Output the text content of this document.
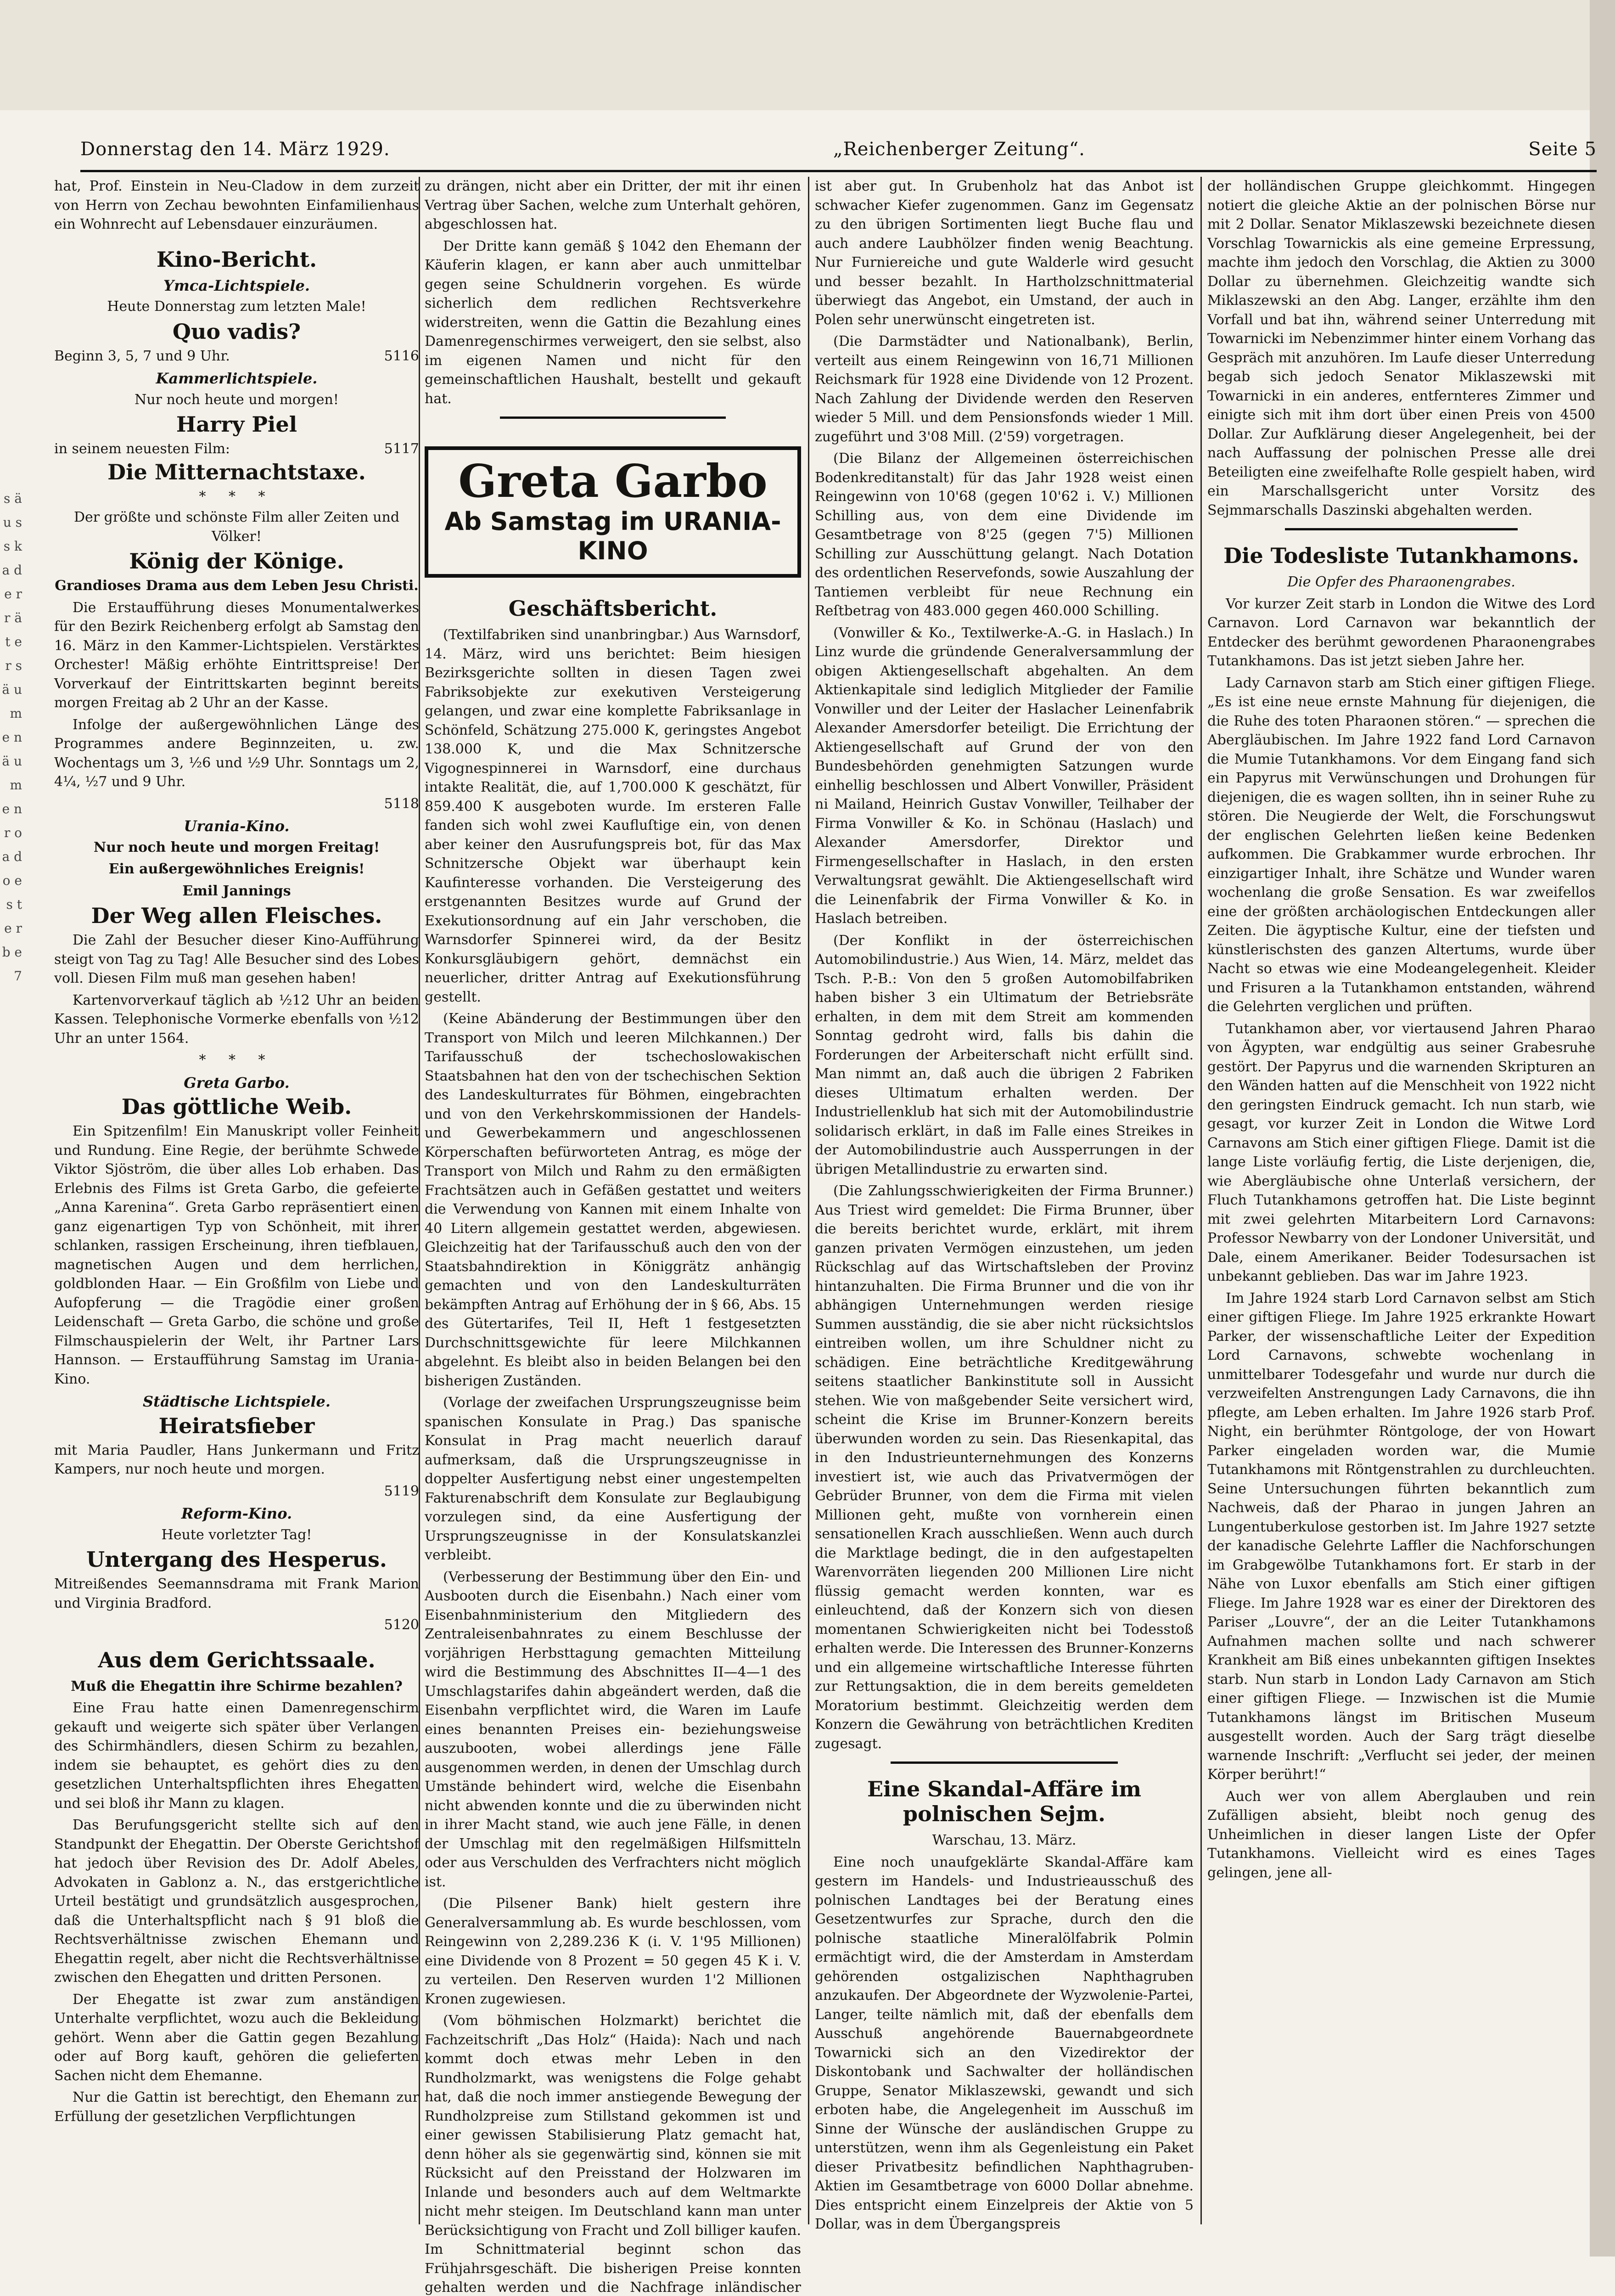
Donnerstag den 14. März 1929.	„Reichenberger Zeitung“.	Seite 5
s ä u s s k a d e r r ä t e r s ä u m e n ä u m e n r o a d o e s t e r b e 7

hat, Prof. Einstein in Neu-Cladow in dem zurzeit von Herrn von Zechau bewohnten Einfamilienhaus ein Wohnrecht auf Lebensdauer einzuräumen.

Kino-Bericht.
Ymca-Lichtspiele.

Heute Donnerstag zum letzten Male!

Quo vadis?
Beginn 3, 5, 7 und 9 Uhr.	5116
Kammerlichtspiele.

Nur noch heute und morgen!

Harry Piel
in seinem neuesten Film:	5117
Die Mitternachtstaxe.
* * *

Der größte und schönste Film aller Zeiten und Völker!

König der Könige.

Grandioses Drama aus dem Leben Jesu Christi.

Die Erstaufführung dieses Monumentalwerkes für den Bezirk Reichenberg erfolgt ab Samstag den 16. März in den Kammer-Lichtspielen. Verstärktes Orchester! Mäßig erhöhte Eintrittspreise! Der Vorverkauf der Eintrittskarten beginnt bereits morgen Freitag ab 2 Uhr an der Kasse.

Infolge der außergewöhnlichen Länge des Programmes andere Beginnzeiten, u. zw. Wochentags um 3, ½6 und ½9 Uhr. Sonntags um 2, 4¼, ½7 und 9 Uhr.

5118
Urania-Kino.

Nur noch heute und morgen Freitag!

Ein außergewöhnliches Ereignis!

Emil Jannings

Der Weg allen Fleisches.

Die Zahl der Besucher dieser Kino-Aufführung steigt von Tag zu Tag! Alle Besucher sind des Lobes voll. Diesen Film muß man gesehen haben!

Kartenvorverkauf täglich ab ½12 Uhr an beiden Kassen. Telephonische Vormerke ebenfalls von ½12 Uhr an unter 1564.

* * *
Greta Garbo.
Das göttliche Weib.

Ein Spitzenfilm! Ein Manuskript voller Feinheit und Rundung. Eine Regie, der berühmte Schwede Viktor Sjöström, die über alles Lob erhaben. Das Erlebnis des Films ist Greta Garbo, die gefeierte „Anna Karenina“. Greta Garbo repräsentiert einen ganz eigenartigen Typ von Schönheit, mit ihrer schlanken, rassigen Erscheinung, ihren tiefblauen, magnetischen Augen und dem herrlichen, goldblonden Haar. — Ein Großfilm von Liebe und Aufopferung — die Tragödie einer großen Leidenschaft — Greta Garbo, die schöne und große Filmschauspielerin der Welt, ihr Partner Lars Hannson. — Erstaufführung Samstag im Urania-Kino.

Städtische Lichtspiele.
Heiratsfieber

mit Maria Paudler, Hans Junkermann und Fritz Kampers, nur noch heute und morgen.

5119
Reform-Kino.

Heute vorletzter Tag!

Untergang des Hesperus.

Mitreißendes Seemannsdrama mit Frank Marion und Virginia Bradford.

5120
Aus dem Gerichtssaale.

Muß die Ehegattin ihre Schirme bezahlen?

Eine Frau hatte einen Damenregenschirm gekauft und weigerte sich später über Verlangen des Schirmhändlers, diesen Schirm zu bezahlen, indem sie behauptet, es gehört dies zu den gesetzlichen Unterhaltspflichten ihres Ehegatten und sei bloß ihr Mann zu klagen.

Das Berufungsgericht stellte sich auf den Standpunkt der Ehegattin. Der Oberste Gerichtshof hat jedoch über Revision des Dr. Adolf Abeles, Advokaten in Gablonz a. N., das erstgerichtliche Urteil bestätigt und grundsätzlich ausgesprochen, daß die Unterhaltspflicht nach § 91 bloß die Rechtsverhältnisse zwischen Ehemann und Ehegattin regelt, aber nicht die Rechtsverhältnisse zwischen den Ehegatten und dritten Personen.

Der Ehegatte ist zwar zum anständigen Unterhalte verpflichtet, wozu auch die Bekleidung gehört. Wenn aber die Gattin gegen Bezahlung oder auf Borg kauft, gehören die gelieferten Sachen nicht dem Ehemanne.

Nur die Gattin ist berechtigt, den Ehemann zur Erfüllung der gesetzlichen Verpflichtungen

zu drängen, nicht aber ein Dritter, der mit ihr einen Vertrag über Sachen, welche zum Unterhalt gehören, abgeschlossen hat.

Der Dritte kann gemäß § 1042 den Ehemann der Käuferin klagen, er kann aber auch unmittelbar gegen seine Schuldnerin vorgehen. Es würde sicherlich dem redlichen Rechtsverkehre widerstreiten, wenn die Gattin die Bezahlung eines Damenregenschirmes verweigert, den sie selbst, also im eigenen Namen und nicht für den gemeinschaftlichen Haushalt, bestellt und gekauft hat.

Greta Garbo
Ab Samstag im URANIA-KINO
Geschäftsbericht.

(Textilfabriken sind unanbringbar.) Aus Warnsdorf, 14. März, wird uns berichtet: Beim hiesigen Bezirksgerichte sollten in diesen Tagen zwei Fabriksobjekte zur exekutiven Versteigerung gelangen, und zwar eine komplette Fabriksanlage in Schönfeld, Schätzung 275.000 K, geringstes Angebot 138.000 K, und die Max Schnitzersche Vigognespinnerei in Warnsdorf, eine durchaus intakte Realität, die, auf 1,700.000 K geschätzt, für 859.400 K ausgeboten wurde. Im ersteren Falle fanden sich wohl zwei Kaufluſtige ein, von denen aber keiner den Ausrufungspreis bot, für das Max Schnitzersche Objekt war überhaupt kein Kaufinteresse vorhanden. Die Versteigerung des erstgenannten Besitzes wurde auf Grund der Exekutionsordnung auf ein Jahr verschoben, die Warnsdorfer Spinnerei wird, da der Besitz Konkursgläubigern gehört, demnächst ein neuerlicher, dritter Antrag auf Exekutionsführung gestellt.

(Keine Abänderung der Bestimmungen über den Transport von Milch und leeren Milchkannen.) Der Tarifausschuß der tschechoslowakischen Staatsbahnen hat den von der tschechischen Sektion des Landeskulturrates für Böhmen, eingebrachten und von den Verkehrskommissionen der Handels- und Gewerbekammern und angeschlossenen Körperschaften befürworteten Antrag, es möge der Transport von Milch und Rahm zu den ermäßigten Frachtsätzen auch in Gefäßen gestattet und weiters die Verwendung von Kannen mit einem Inhalte von 40 Litern allgemein gestattet werden, abgewiesen. Gleichzeitig hat der Tarifausschuß auch den von der Staatsbahndirektion in Königgrätz anhängig gemachten und von den Landeskulturräten bekämpften Antrag auf Erhöhung der in § 66, Abs. 15 des Gütertarifes, Teil II, Heft 1 festgesetzten Durchschnittsgewichte für leere Milchkannen abgelehnt. Es bleibt also in beiden Belangen bei den bisherigen Zuständen.

(Vorlage der zweifachen Ursprungszeugnisse beim spanischen Konsulate in Prag.) Das spanische Konsulat in Prag macht neuerlich darauf aufmerksam, daß die Ursprungszeugnisse in doppelter Ausfertigung nebst einer ungestempelten Fakturenabschrift dem Konsulate zur Beglaubigung vorzulegen sind, da eine Ausfertigung der Ursprungszeugnisse in der Konsulatskanzlei verbleibt.

(Verbesserung der Bestimmung über den Ein- und Ausbooten durch die Eisenbahn.) Nach einer vom Eisenbahnministerium den Mitgliedern des Zentraleisenbahnrates zu einem Beschlusse der vorjährigen Herbsttagung gemachten Mitteilung wird die Bestimmung des Abschnittes II—4—1 des Umschlagstarifes dahin abgeändert werden, daß die Eisenbahn verpflichtet wird, die Waren im Laufe eines benannten Preises ein- beziehungsweise auszubooten, wobei allerdings jene Fälle ausgenommen werden, in denen der Umschlag durch Umstände behindert wird, welche die Eisenbahn nicht abwenden konnte und die zu überwinden nicht in ihrer Macht stand, wie auch jene Fälle, in denen der Umschlag mit den regelmäßigen Hilfsmitteln oder aus Verschulden des Verfrachters nicht möglich ist.

(Die Pilsener Bank) hielt gestern ihre Generalversammlung ab. Es wurde beschlossen, vom Reingewinn von 2,289.236 K (i. V. 1'95 Millionen) eine Dividende von 8 Prozent = 50 gegen 45 K i. V. zu verteilen. Den Reserven wurden 1'2 Millionen Kronen zugewiesen.

(Vom böhmischen Holzmarkt) berichtet die Fachzeitschrift „Das Holz“ (Haida): Nach und nach kommt doch etwas mehr Leben in den Rundholzmarkt, was wenigstens die Folge gehabt hat, daß die noch immer anstiegende Bewegung der Rundholzpreise zum Stillstand gekommen ist und einer gewissen Stabilisierung Platz gemacht hat, denn höher als sie gegenwärtig sind, können sie mit Rücksicht auf den Preisstand der Holzwaren im Inlande und besonders auch auf dem Weltmarkte nicht mehr steigen. Im Deutschland kann man unter Berücksichtigung von Fracht und Zoll billiger kaufen. Im Schnittmaterial beginnt schon das Frühjahrsgeschäft. Die bisherigen Preise konnten gehalten werden und die Nachfrage inländischer

ist aber gut. In Grubenholz hat das Anbot ist schwacher Kiefer zugenommen. Ganz im Gegensatz zu den übrigen Sortimenten liegt Buche flau und auch andere Laubhölzer finden wenig Beachtung. Nur Furniereiche und gute Walderle wird gesucht und besser bezahlt. In Hartholzschnittmaterial überwiegt das Angebot, ein Umstand, der auch in Polen sehr unerwünscht eingetreten ist.

(Die Darmstädter und Nationalbank), Berlin, verteilt aus einem Reingewinn von 16,71 Millionen Reichsmark für 1928 eine Dividende von 12 Prozent. Nach Zahlung der Dividende werden den Reserven wieder 5 Mill. und dem Pensionsfonds wieder 1 Mill. zugeführt und 3'08 Mill. (2'59) vorgetragen.

(Die Bilanz der Allgemeinen österreichischen Bodenkreditanstalt) für das Jahr 1928 weist einen Reingewinn von 10'68 (gegen 10'62 i. V.) Millionen Schilling aus, von dem eine Dividende im Gesamtbetrage von 8'25 (gegen 7'5) Millionen Schilling zur Ausschüttung gelangt. Nach Dotation des ordentlichen Reservefonds, sowie Auszahlung der Tantiemen verbleibt für neue Rechnung ein Reſtbetrag von 483.000 gegen 460.000 Schilling.

(Vonwiller & Ko., Textilwerke-A.-G. in Haslach.) In Linz wurde die gründende Generalversammlung der obigen Aktiengesellschaft abgehalten. An dem Aktienkapitale sind lediglich Mitglieder der Familie Vonwiller und der Leiter der Haslacher Leinenfabrik Alexander Amersdorfer beteiligt. Die Errichtung der Aktiengesellschaft auf Grund der von den Bundesbehörden genehmigten Satzungen wurde einhellig beschlossen und Albert Vonwiller, Präsident ni Mailand, Heinrich Gustav Vonwiller, Teilhaber der Firma Vonwiller & Ko. in Schönau (Haslach) und Alexander Amersdorfer, Direktor und Firmengesellschafter in Haslach, in den ersten Verwaltungsrat gewählt. Die Aktiengesellschaft wird die Leinenfabrik der Firma Vonwiller & Ko. in Haslach betreiben.

(Der Konflikt in der österreichischen Automobilindustrie.) Aus Wien, 14. März, meldet das Tsch. P.-B.: Von den 5 großen Automobilfabriken haben bisher 3 ein Ultimatum der Betriebsräte erhalten, in dem mit dem Streit am kommenden Sonntag gedroht wird, falls bis dahin die Forderungen der Arbeiterschaft nicht erfüllt sind. Man nimmt an, daß auch die übrigen 2 Fabriken dieses Ultimatum erhalten werden. Der Industriellenklub hat sich mit der Automobilindustrie solidarisch erklärt, in daß im Falle eines Streikes in der Automobilindustrie auch Aussperrungen in der übrigen Metallindustrie zu erwarten sind.

(Die Zahlungsschwierigkeiten der Firma Brunner.) Aus Triest wird gemeldet: Die Firma Brunner, über die bereits berichtet wurde, erklärt, mit ihrem ganzen privaten Vermögen einzustehen, um jeden Rückschlag auf das Wirtschaftsleben der Provinz hintanzuhalten. Die Firma Brunner und die von ihr abhängigen Unternehmungen werden riesige Summen ausständig, die sie aber nicht rücksichtslos eintreiben wollen, um ihre Schuldner nicht zu schädigen. Eine beträchtliche Kreditgewährung seitens staatlicher Bankinstitute soll in Aussicht stehen. Wie von maßgebender Seite versichert wird, scheint die Krise im Brunner-Konzern bereits überwunden worden zu sein. Das Riesenkapital, das in den Industrieunternehmungen des Konzerns investiert ist, wie auch das Privatvermögen der Gebrüder Brunner, von dem die Firma mit vielen Millionen geht, mußte von vornherein einen sensationellen Krach ausschließen. Wenn auch durch die Marktlage bedingt, die in den aufgestapelten Warenvorräten liegenden 200 Millionen Lire nicht flüssig gemacht werden konnten, war es einleuchtend, daß der Konzern sich von diesen momentanen Schwierigkeiten nicht bei Todesstoß erhalten werde. Die Interessen des Brunner-Konzerns und ein allgemeine wirtschaftliche Interesse führten zur Rettungsaktion, die in dem bereits gemeldeten Moratorium bestimmt. Gleichzeitig werden dem Konzern die Gewährung von beträchtlichen Krediten zugesagt.

Eine Skandal-Affäre im polnischen Sejm.

Warschau, 13. März.

Eine noch unaufgeklärte Skandal-Affäre kam gestern im Handels- und Industrieausschuß des polnischen Landtages bei der Beratung eines Gesetzentwurfes zur Sprache, durch den die polnische staatliche Mineralölfabrik Polmin ermächtigt wird, die der Amsterdam in Amsterdam gehörenden ostgalizischen Naphthagruben anzukaufen. Der Abgeordnete der Wyzwolenie-Partei, Langer, teilte nämlich mit, daß der ebenfalls dem Ausschuß angehörende Bauernabgeordnete Towarnicki sich an den Vizedirektor der Diskontobank und Sachwalter der holländischen Gruppe, Senator Miklaszewski, gewandt und sich erboten habe, die Angelegenheit im Ausschuß im Sinne der Wünsche der ausländischen Gruppe zu unterstützen, wenn ihm als Gegenleistung ein Paket dieser Privatbesitz befindlichen Naphthagruben-Aktien im Gesamtbetrage von 6000 Dollar abnehme. Dies entspricht einem Einzelpreis der Aktie von 5 Dollar, was in dem Übergangspreis

der holländischen Gruppe gleichkommt. Hingegen notiert die gleiche Aktie an der polnischen Börse nur mit 2 Dollar. Senator Miklaszewski bezeichnete diesen Vorschlag Towarnickis als eine gemeine Erpressung, machte ihm jedoch den Vorschlag, die Aktien zu 3000 Dollar zu übernehmen. Gleichzeitig wandte sich Miklaszewski an den Abg. Langer, erzählte ihm den Vorfall und bat ihn, während seiner Unterredung mit Towarnicki im Nebenzimmer hinter einem Vorhang das Gespräch mit anzuhören. Im Laufe dieser Unterredung begab sich jedoch Senator Miklaszewski mit Towarnicki in ein anderes, entfernteres Zimmer und einigte sich mit ihm dort über einen Preis von 4500 Dollar. Zur Aufklärung dieser Angelegenheit, bei der nach Auffassung der polnischen Presse alle drei Beteiligten eine zweifelhafte Rolle gespielt haben, wird ein Marschallsgericht unter Vorsitz des Sejmmarschalls Daszinski abgehalten werden.

Die Todesliste Tutankhamons.

Die Opfer des Pharaonengrabes.

Vor kurzer Zeit starb in London die Witwe des Lord Carnavon. Lord Carnavon war bekanntlich der Entdecker des berühmt gewordenen Pharaonengrabes Tutankhamons. Das ist jetzt sieben Jahre her.

Lady Carnavon starb am Stich einer giftigen Fliege. „Es ist eine neue ernste Mahnung für diejenigen, die die Ruhe des toten Pharaonen stören.“ — sprechen die Abergläubischen. Im Jahre 1922 fand Lord Carnavon die Mumie Tutankhamons. Vor dem Eingang fand sich ein Papyrus mit Verwünschungen und Drohungen für diejenigen, die es wagen sollten, ihn in seiner Ruhe zu stören. Die Neugierde der Welt, die Forschungswut der englischen Gelehrten ließen keine Bedenken aufkommen. Die Grabkammer wurde erbrochen. Ihr einzigartiger Inhalt, ihre Schätze und Wunder waren wochenlang die große Sensation. Es war zweifellos eine der größten archäologischen Entdeckungen aller Zeiten. Die ägyptische Kultur, eine der tiefsten und künstlerischsten des ganzen Altertums, wurde über Nacht so etwas wie eine Modeangelegenheit. Kleider und Frisuren a la Tutankhamon entstanden, während die Gelehrten verglichen und prüften.

Tutankhamon aber, vor viertausend Jahren Pharao von Ägypten, war endgültig aus seiner Grabesruhe gestört. Der Papyrus und die warnenden Skripturen an den Wänden hatten auf die Menschheit von 1922 nicht den geringsten Eindruck gemacht. Ich nun starb, wie gesagt, vor kurzer Zeit in London die Witwe Lord Carnavons am Stich einer giftigen Fliege. Damit ist die lange Liste vorläufig fertig, die Liste derjenigen, die, wie Abergläubische ohne Unterlaß versichern, der Fluch Tutankhamons getroffen hat. Die Liste beginnt mit zwei gelehrten Mitarbeitern Lord Carnavons: Professor Newbarry von der Londoner Universität, und Dale, einem Amerikaner. Beider Todesursachen ist unbekannt geblieben. Das war im Jahre 1923.

Im Jahre 1924 starb Lord Carnavon selbst am Stich einer giftigen Fliege. Im Jahre 1925 erkrankte Howart Parker, der wissenschaftliche Leiter der Expedition Lord Carnavons, schwebte wochenlang in unmittelbarer Todesgefahr und wurde nur durch die verzweifelten Anstrengungen Lady Carnavons, die ihn pflegte, am Leben erhalten. Im Jahre 1926 starb Prof. Night, ein berühmter Röntgologe, der von Howart Parker eingeladen worden war, die Mumie Tutankhamons mit Röntgenstrahlen zu durchleuchten. Seine Untersuchungen führten bekanntlich zum Nachweis, daß der Pharao in jungen Jahren an Lungentuberkulose gestorben ist. Im Jahre 1927 setzte der kanadische Gelehrte Laffler die Nachforschungen im Grabgewölbe Tutankhamons fort. Er starb in der Nähe von Luxor ebenfalls am Stich einer giftigen Fliege. Im Jahre 1928 war es einer der Direktoren des Pariser „Louvre“, der an die Leiter Tutankhamons Aufnahmen machen sollte und nach schwerer Krankheit am Biß eines unbekannten giftigen Insektes starb. Nun starb in London Lady Carnavon am Stich einer giftigen Fliege. — Inzwischen ist die Mumie Tutankhamons längst im Britischen Museum ausgestellt worden. Auch der Sarg trägt dieselbe warnende Inschrift: „Verflucht sei jeder, der meinen Körper berührt!“

Auch wer von allem Aberglauben und rein Zufälligen absieht, bleibt noch genug des Unheimlichen in dieser langen Liste der Opfer Tutankhamons. Vielleicht wird es eines Tages gelingen, jene all-
